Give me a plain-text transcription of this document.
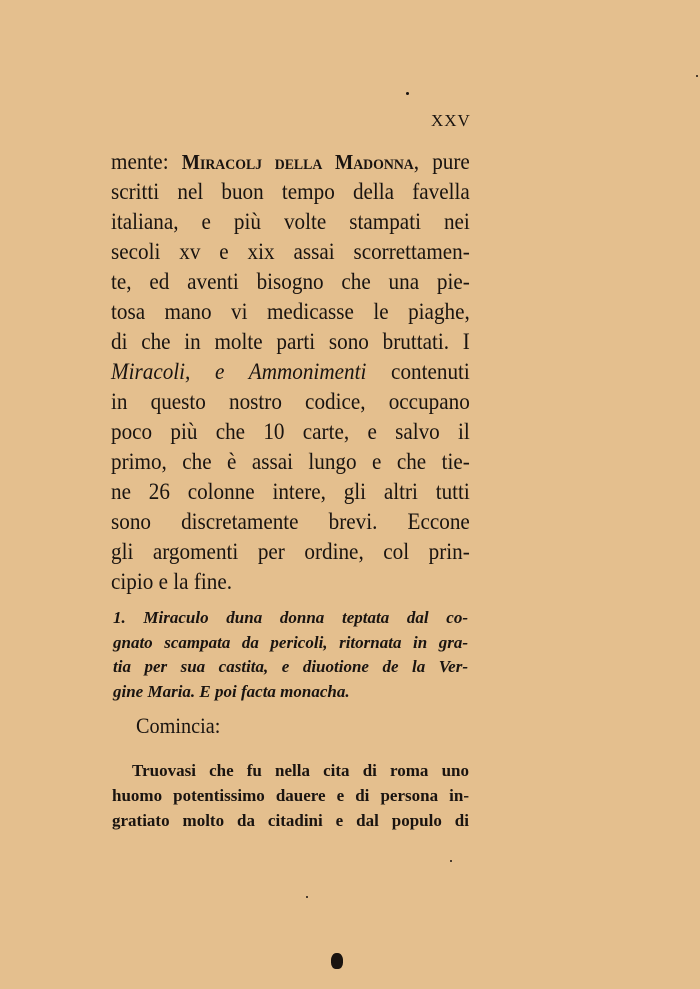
XXV
mente: Miracolj della Madonna, pure
scritti nel buon tempo della favella
italiana, e più volte stampati nei
secoli xv e xix assai scorrettamen-
te, ed aventi bisogno che una pie-
tosa mano vi medicasse le piaghe,
di che in molte parti sono bruttati. I
Miracoli, e Ammonimenti contenuti
in questo nostro codice, occupano
poco più che 10 carte, e salvo il
primo, che è assai lungo e che tie-
ne 26 colonne intere, gli altri tutti
sono discretamente brevi. Eccone
gli argomenti per ordine, col prin-
cipio e la fine.
1. Miraculo duna donna teptata dal co-
gnato scampata da pericoli, ritornata in gra-
tia per sua castita, e diuotione de la Ver-
gine Maria. E poi facta monacha.
Comincia:
Truovasi che fu nella cita di roma uno
huomo potentissimo dauere e di persona in-
gratiato molto da citadini e dal populo di
